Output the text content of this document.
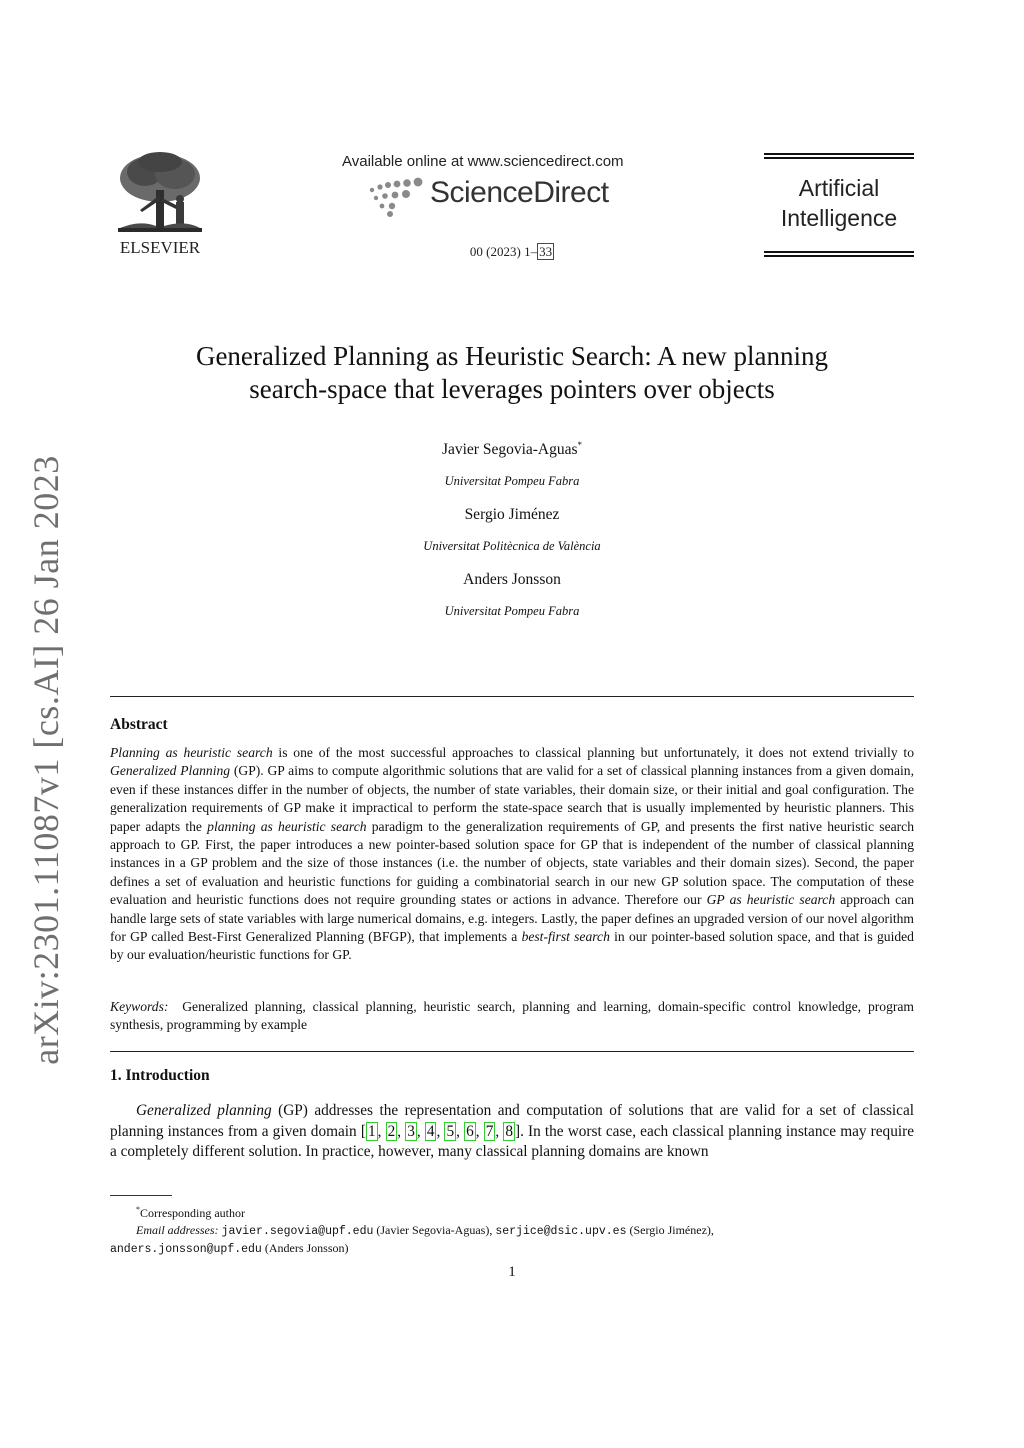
arXiv:2301.11087v1 [cs.AI] 26 Jan 2023
ELSEVIER
Available online at www.sciencedirect.com
ScienceDirect
00 (2023) 1– 33
Artificial
Intelligence
Generalized Planning as Heuristic Search: A new planning
search-space that leverages pointers over objects
Javier Segovia-Aguas*
Universitat Pompeu Fabra
Sergio Jiménez
Universitat Politècnica de València
Anders Jonsson
Universitat Pompeu Fabra
Abstract
Planning as heuristic search is one of the most successful approaches to classical planning but unfortunately, it does not extend trivially to Generalized Planning (GP). GP aims to compute algorithmic solutions that are valid for a set of classical planning instances from a given domain, even if these instances differ in the number of objects, the number of state variables, their domain size, or their initial and goal configuration. The generalization requirements of GP make it impractical to perform the state-space search that is usually implemented by heuristic planners. This paper adapts the planning as heuristic search paradigm to the generalization requirements of GP, and presents the first native heuristic search approach to GP. First, the paper introduces a new pointer-based solution space for GP that is independent of the number of classical planning instances in a GP problem and the size of those instances (i.e. the number of objects, state variables and their domain sizes). Second, the paper defines a set of evaluation and heuristic functions for guiding a combinatorial search in our new GP solution space. The computation of these evaluation and heuristic functions does not require grounding states or actions in advance. Therefore our GP as heuristic search approach can handle large sets of state variables with large numerical domains, e.g. integers. Lastly, the paper defines an upgraded version of our novel algorithm for GP called Best-First Generalized Planning (BFGP), that implements a best-first search in our pointer-based solution space, and that is guided by our evaluation/heuristic functions for GP.
Keywords: Generalized planning, classical planning, heuristic search, planning and learning, domain-specific control knowledge, program synthesis, programming by example
1. Introduction
Generalized planning (GP) addresses the representation and computation of solutions that are valid for a set of classical planning instances from a given domain [ 1 , 2 , 3 , 4 , 5 , 6 , 7 , 8 ]. In the worst case, each classical planning instance may require a completely different solution. In practice, however, many classical planning domains are known
*Corresponding author
Email addresses: javier.segovia@upf.edu (Javier Segovia-Aguas), serjice@dsic.upv.es (Sergio Jiménez),
anders.jonsson@upf.edu (Anders Jonsson)
1
